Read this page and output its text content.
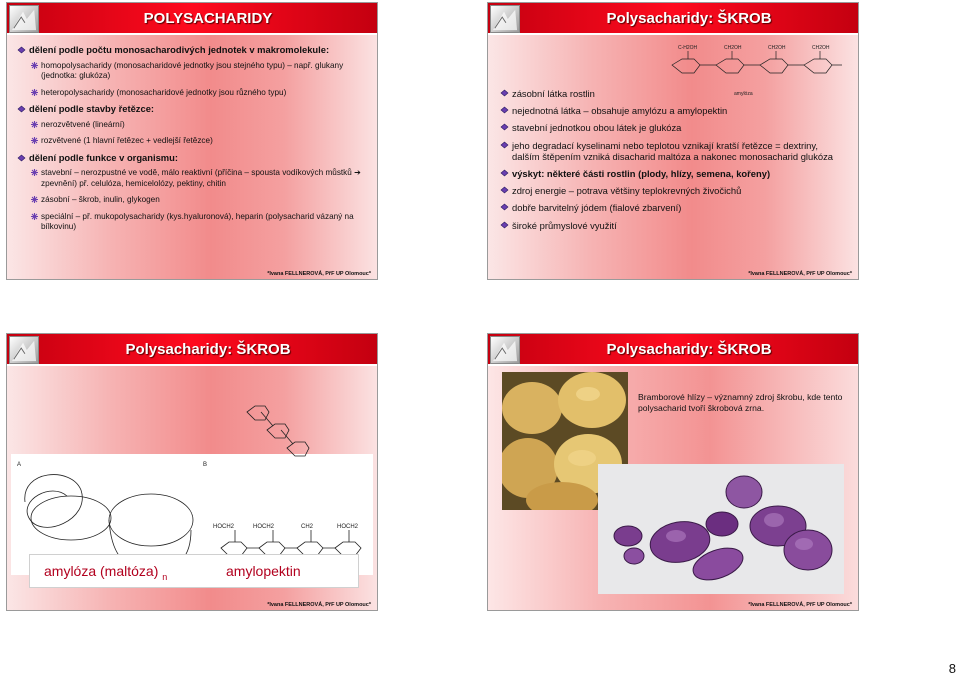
POLYSACHARIDY
dělení podle počtu monosacharodivých jednotek v makromolekule:
homopolysacharidy (monosacharidové jednotky jsou stejného typu) – např. glukany (jednotka: glukóza)
heteropolysacharidy (monosacharidové jednotky jsou různého typu)
dělení podle stavby řetězce:
nerozvětvené (lineární)
rozvětvené (1 hlavní řetězec + vedlejší řetězce)
dělení podle funkce v organismu:
stavební – nerozpustné ve vodě, málo reaktivní (příčina – spousta vodíkových můstků ➔ zpevnění) př. celulóza, hemicelolózy, pektiny, chitin
zásobní – škrob, inulin, glykogen
speciální – př. mukopolysacharidy (kys.hyaluronová), heparin (polysacharid vázaný na bílkovinu)
*Ivana FELLNEROVÁ, PřF UP Olomouc*
Polysacharidy: ŠKROB
C-H2OH	CH2OH	CH2OH	CH2OH
amylóza
zásobní látka rostlin
nejednotná látka – obsahuje amylózu a amylopektin
stavební jednotkou obou látek je glukóza
jeho degradací kyselinami nebo teplotou vznikají kratší řetězce = dextriny, dalším štěpením vzniká disacharid maltóza a nakonec monosacharid glukóza
výskyt: některé části rostlin (plody, hlízy, semena, kořeny)
zdroj energie – potrava většiny teplokrevných živočichů
dobře barvitelný jódem (fialové zbarvení)
široké průmyslové využití
*Ivana FELLNEROVÁ, PřF UP Olomouc*
Polysacharidy: ŠKROB
A	B
HOCH2	HOCH2	CH2	HOCH2
amylóza (maltóza) $_n$	amylopektin
*Ivana FELLNEROVÁ, PřF UP Olomouc*
Polysacharidy: ŠKROB
Bramborové hlízy – významný zdroj škrobu, kde tento polysacharid tvoří škrobová zrna.
*Ivana FELLNEROVÁ, PřF UP Olomouc*
8
